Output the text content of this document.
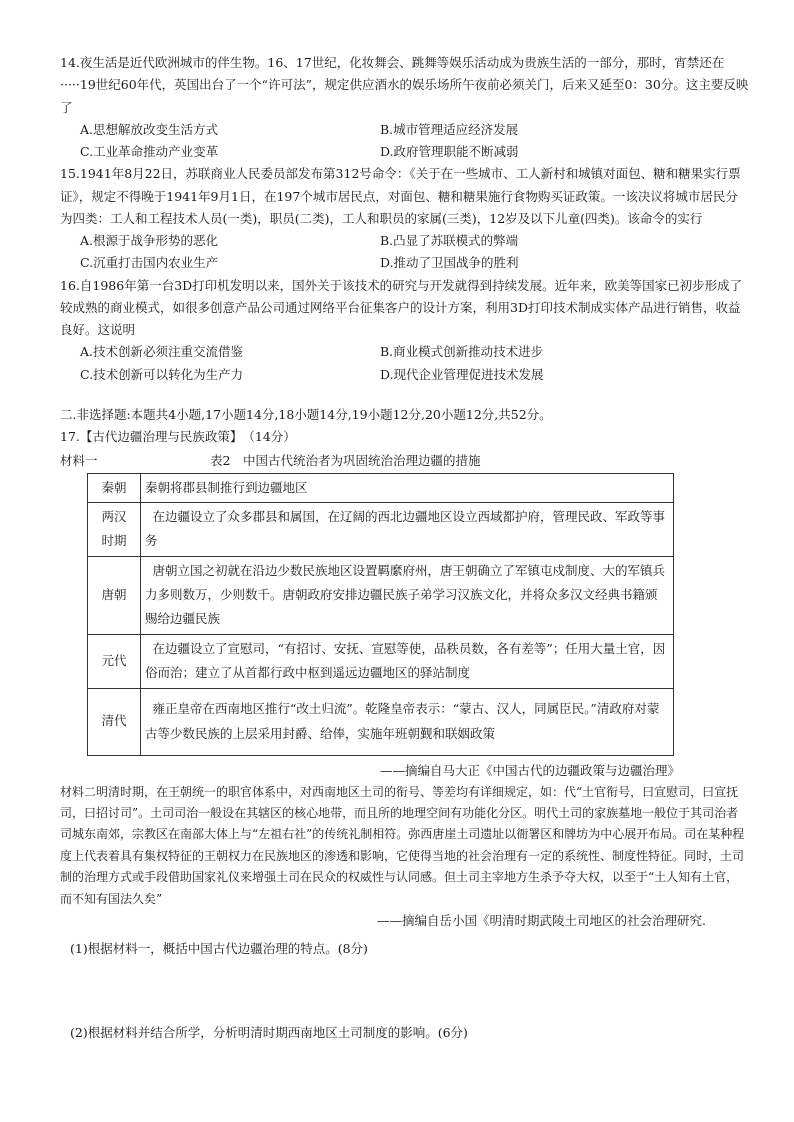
14.夜生活是近代欧洲城市的伴生物。16、17世纪，化妆舞会、跳舞等娱乐活动成为贵族生活的一部分，那时，宵禁还在·····19世纪60年代，英国出台了一个“许可法”，规定供应酒水的娱乐场所午夜前必须关门，后来又延至0：30分。这主要反映了

A.思想解放改变生活方式	B.城市管理适应经济发展
C.工业革命推动产业变革	D.政府管理职能不断减弱

15.1941年8月22日，苏联商业人民委员部发布第312号命令：《关于在一些城市、工人新村和城镇对面包、糖和糖果实行票证》，规定不得晚于1941年9月1日，在197个城市居民点，对面包、糖和糖果施行食物购买证政策。一该决议将城市居民分为四类：工人和工程技术人员(一类)，职员(二类)，工人和职员的家属(三类)，12岁及以下儿童(四类)。该命令的实行

A.根源于战争形势的恶化	B.凸显了苏联模式的弊端
C.沉重打击国内农业生产	D.推动了卫国战争的胜利

16.自1986年第一台3D打印机发明以来，国外关于该技术的研究与开发就得到持续发展。近年来，欧美等国家已初步形成了较成熟的商业模式，如很多创意产品公司通过网络平台征集客户的设计方案，利用3D打印技术制成实体产品进行销售，收益良好。这说明

A.技术创新必须注重交流借鉴	B.商业模式创新推动技术进步
C.技术创新可以转化为生产力	D.现代企业管理促进技术发展

二.非选择题:本题共4小题,17小题14分,18小题14分,19小题12分,20小题12分,共52分。

17.【古代边疆治理与民族政策】　（14分）

材料一	表2　中国古代统治者为巩固统治治理边疆的措施
秦朝	秦朝将郡县制推行到边疆地区
两汉
时期	在边疆设立了众多郡县和属国，在辽阔的西北边疆地区设立西域都护府，管理民政、军政等事务
唐朝	唐朝立国之初就在沿边少数民族地区设置羁縻府州，唐王朝确立了军镇屯戍制度、大的军镇兵力多则数万，少则数千。唐朝政府安排边疆民族子弟学习汉族文化，并将众多汉文经典书籍颁赐给边疆民族
元代	在边疆设立了宣慰司，“有招讨、安抚、宣慰等使，品秩员数，各有差等”；任用大量土官，因俗而治；建立了从首都行政中枢到遥远边疆地区的驿站制度
清代	雍正皇帝在西南地区推行“改土归流”。乾隆皇帝表示：“蒙古、汉人，同属臣民。”清政府对蒙古等少数民族的上层采用封爵、给俸，实施年班朝觐和联姻政策

——摘编自马大正《中国古代的边疆政策与边疆治理》

材料二明清时期，在王朝统一的职官体系中，对西南地区土司的衔号、等差均有详细规定，如：代“土官衔号，曰宣慰司，曰宣抚司，曰招讨司”。土司司治一般设在其辖区的核心地带，而且所的地理空间有功能化分区。明代土司的家族墓地一般位于其司治者司城东南郊，宗教区在南部大体上与“左祖右社”的传统礼制相符。弥西唐崖土司遗址以衙署区和牌坊为中心展开布局。司在某种程度上代表着具有集权特征的王朝权力在民族地区的渗透和影响，它使得当地的社会治理有一定的系统性、制度性特征。同时，土司制的治理方式或手段借助国家礼仪来增强土司在民众的权威性与认同感。但土司主宰地方生杀予夺大权，以至于“土人知有土官，而不知有国法久矣”

——摘编自岳小国《明清时期武陵土司地区的社会治理研究.

(1)根据材料一，概括中国古代边疆治理的特点。(8分)

(2)根据材料并结合所学，分析明清时期西南地区土司制度的影响。(6分)
